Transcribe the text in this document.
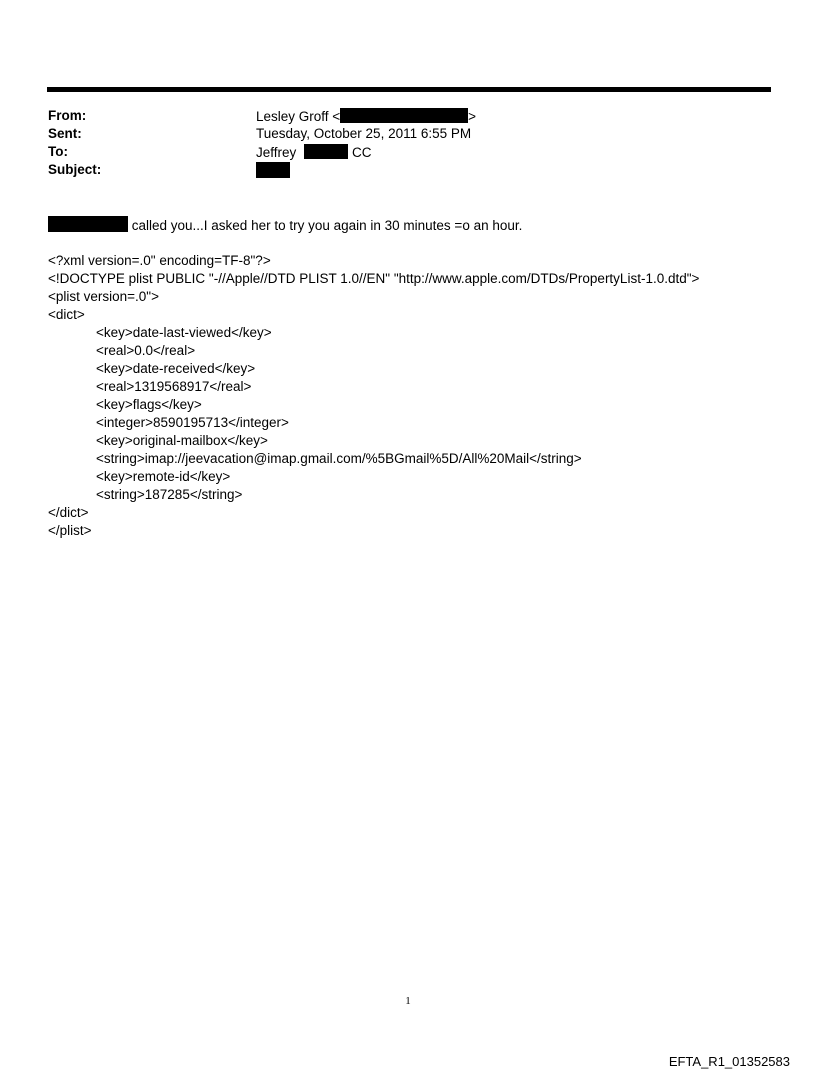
From:	Lesley Groff <	>
Sent:	Tuesday, October 25, 2011 6:55 PM
To:	Jeffrey	CC
Subject:
called you...I asked her to try you again in 30 minutes =o an hour.
<?xml version=.0" encoding=TF-8"?>
<!DOCTYPE plist PUBLIC "-//Apple//DTD PLIST 1.0//EN" "http://www.apple.com/DTDs/PropertyList-1.0.dtd">
<plist version=.0">
<dict>
<key>date-last-viewed</key>
<real>0.0</real>
<key>date-received</key>
<real>1319568917</real>
<key>flags</key>
<integer>8590195713</integer>
<key>original-mailbox</key>
<string>imap://jeevacation@imap.gmail.com/%5BGmail%5D/All%20Mail</string>
<key>remote-id</key>
<string>187285</string>
</dict>
</plist>
1
EFTA_R1_01352583
